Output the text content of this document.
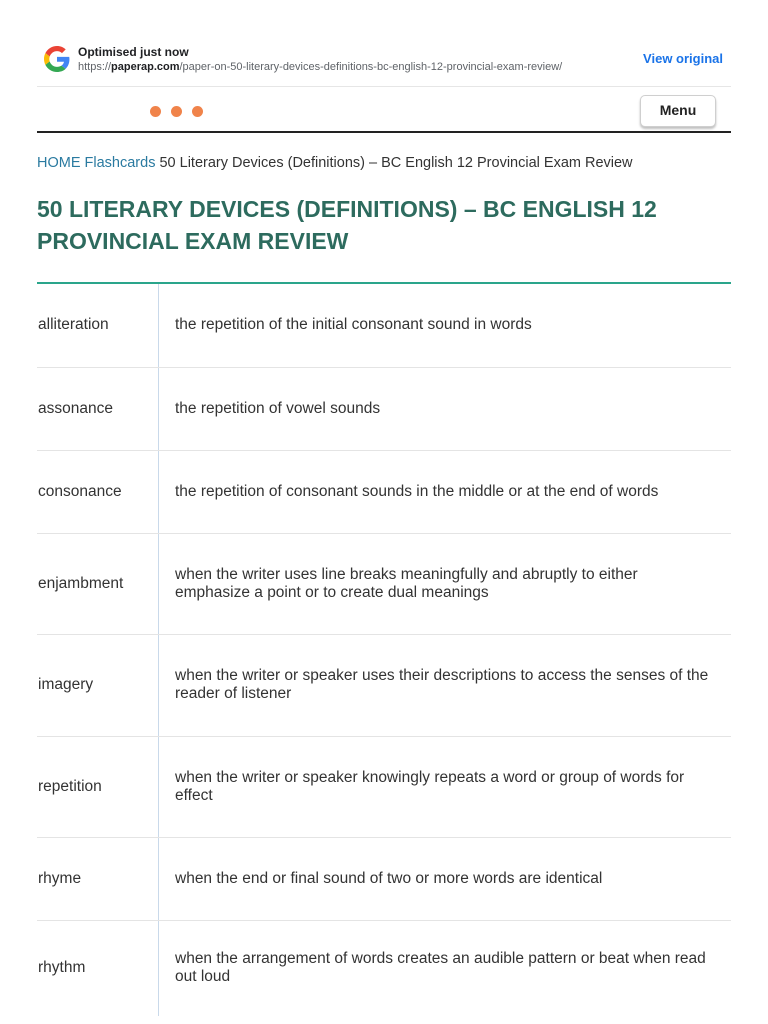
Optimised just now
https://paperap.com/paper-on-50-literary-devices-definitions-bc-english-12-provincial-exam-review/
View original
Menu
HOME Flashcards 50 Literary Devices (Definitions) – BC English 12 Provincial Exam Review
50 LITERARY DEVICES (DEFINITIONS) – BC ENGLISH 12 PROVINCIAL EXAM REVIEW
alliteration	the repetition of the initial consonant sound in words
assonance	the repetition of vowel sounds
consonance	the repetition of consonant sounds in the middle or at the end of words
enjambment	when the writer uses line breaks meaningfully and abruptly to either emphasize a point or to create dual meanings
imagery	when the writer or speaker uses their descriptions to access the senses of the reader of listener
repetition	when the writer or speaker knowingly repeats a word or group of words for effect
rhyme	when the end or final sound of two or more words are identical
rhythm	when the arrangement of words creates an audible pattern or beat when read out loud
